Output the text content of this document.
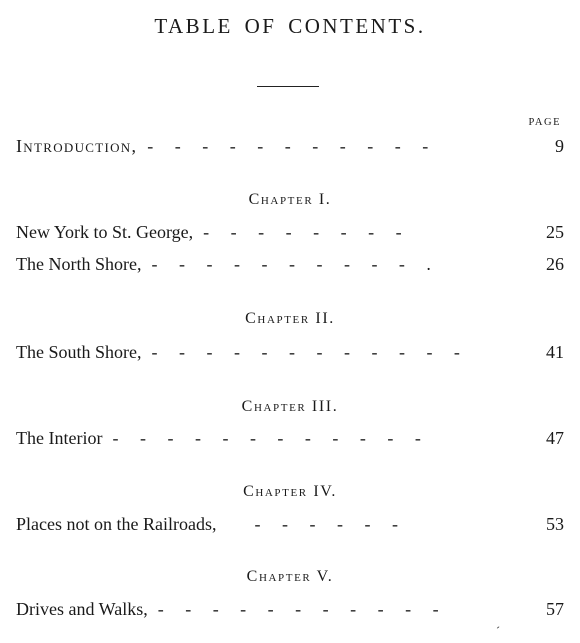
TABLE OF CONTENTS.
PAGE
Introduction, - - - - - - - - - - -	9
Chapter I.
New York to St. George, - - - - - - - -	25
The North Shore, - - - - - - - - - - .	26
Chapter II.
The South Shore, - - - - - - - - - - - -	41
Chapter III.
The Interior - - - - - - - - - - - -	47
Chapter IV.
Places not on the Railroads,	- - - - - -	53
Chapter V.
Drives and Walks, - - - - - - - - - - -	57
´
